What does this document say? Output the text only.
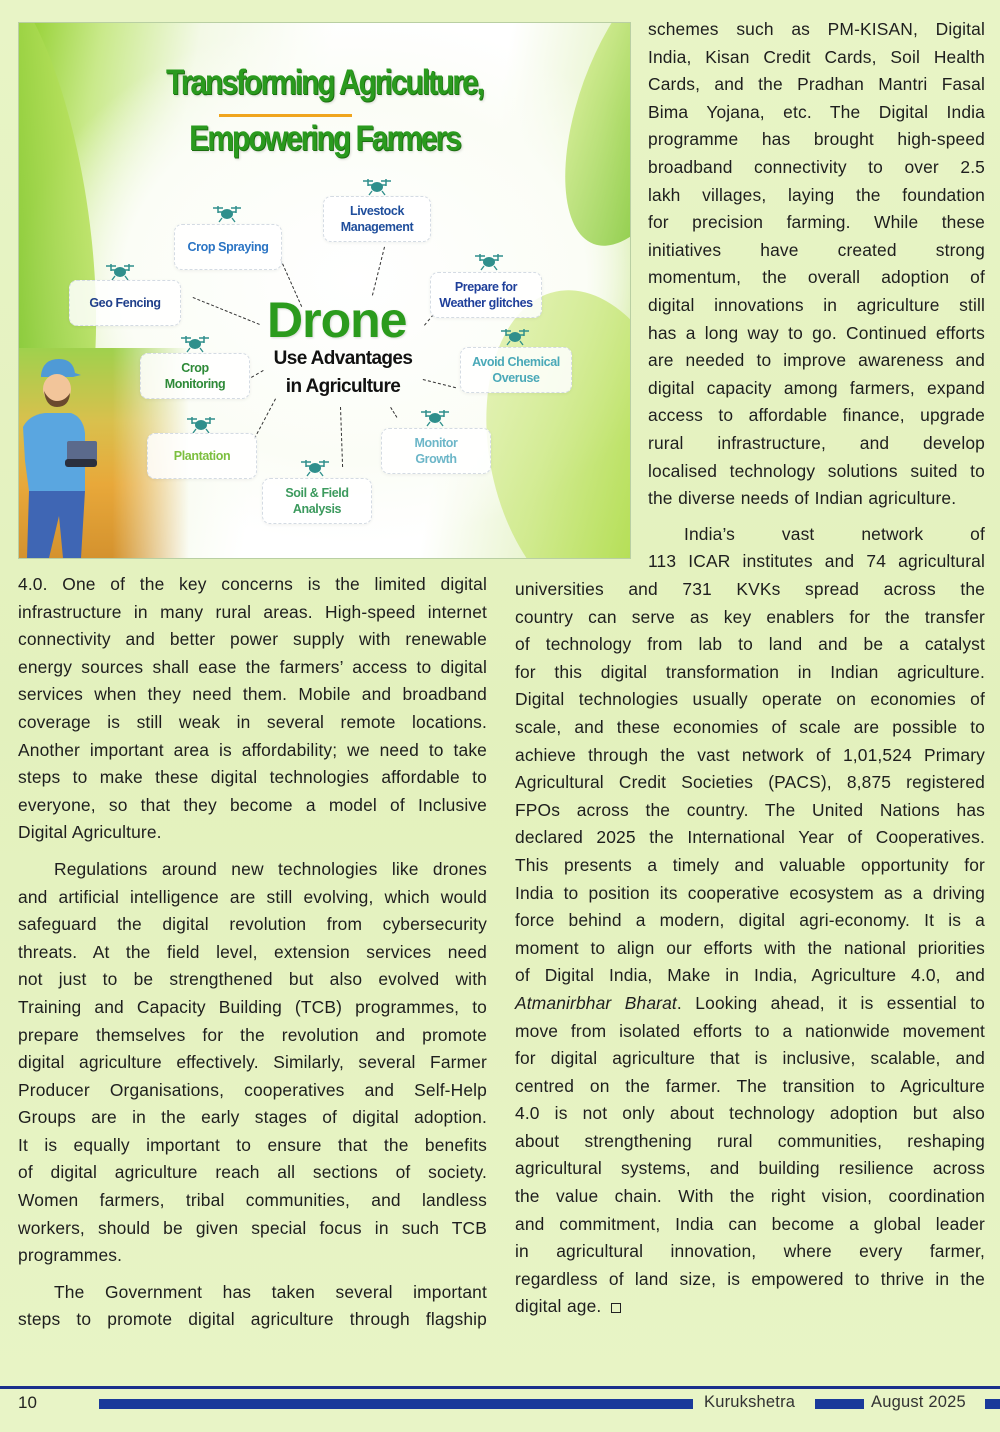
Transforming Agriculture,
Empowering Farmers
Drone
Use Advantages
in Agriculture
Livestock
Management
Crop Spraying
Geo Fencing
Prepare for
Weather glitches
Crop
Monitoring
Avoid Chemical
Overuse
Plantation
Monitor
Growth
Soil & Field
Analysis
schemes such as PM-KISAN, Digital
India, Kisan Credit Cards, Soil Health
Cards, and the Pradhan Mantri Fasal
Bima Yojana, etc. The Digital India
programme has brought high-speed
broadband connectivity to over 2.5
lakh villages, laying the foundation
for precision farming. While these
initiatives have created strong
momentum, the overall adoption of
digital innovations in agriculture still
has a long way to go. Continued efforts
are needed to improve awareness and
digital capacity among farmers, expand
access to affordable finance, upgrade
rural infrastructure, and develop
localised technology solutions suited to
the diverse needs of Indian agriculture.
India’s vast network of
113 ICAR institutes and 74 agricultural
4.0. One of the key concerns is the limited digital
infrastructure in many rural areas. High-speed internet
connectivity and better power supply with renewable
energy sources shall ease the farmers’ access to digital
services when they need them. Mobile and broadband
coverage is still weak in several remote locations.
Another important area is affordability; we need to take
steps to make these digital technologies affordable to
everyone, so that they become a model of Inclusive
Digital Agriculture.
Regulations around new technologies like drones
and artificial intelligence are still evolving, which would
safeguard the digital revolution from cybersecurity
threats. At the field level, extension services need
not just to be strengthened but also evolved with
Training and Capacity Building (TCB) programmes, to
prepare themselves for the revolution and promote
digital agriculture effectively. Similarly, several Farmer
Producer Organisations, cooperatives and Self-Help
Groups are in the early stages of digital adoption.
It is equally important to ensure that the benefits
of digital agriculture reach all sections of society.
Women farmers, tribal communities, and landless
workers, should be given special focus in such TCB
programmes.
The Government has taken several important
steps to promote digital agriculture through flagship
universities and 731 KVKs spread across the
country can serve as key enablers for the transfer
of technology from lab to land and be a catalyst
for this digital transformation in Indian agriculture.
Digital technologies usually operate on economies of
scale, and these economies of scale are possible to
achieve through the vast network of 1,01,524 Primary
Agricultural Credit Societies (PACS), 8,875 registered
FPOs across the country. The United Nations has
declared 2025 the International Year of Cooperatives.
This presents a timely and valuable opportunity for
India to position its cooperative ecosystem as a driving
force behind a modern, digital agri-economy. It is a
moment to align our efforts with the national priorities
of Digital India, Make in India, Agriculture 4.0, and
Atmanirbhar Bharat. Looking ahead, it is essential to
move from isolated efforts to a nationwide movement
for digital agriculture that is inclusive, scalable, and
centred on the farmer. The transition to Agriculture
4.0 is not only about technology adoption but also
about strengthening rural communities, reshaping
agricultural systems, and building resilience across
the value chain. With the right vision, coordination
and commitment, India can become a global leader
in agricultural innovation, where every farmer,
regardless of land size, is empowered to thrive in the
digital age.
10	Kurukshetra	August 2025
